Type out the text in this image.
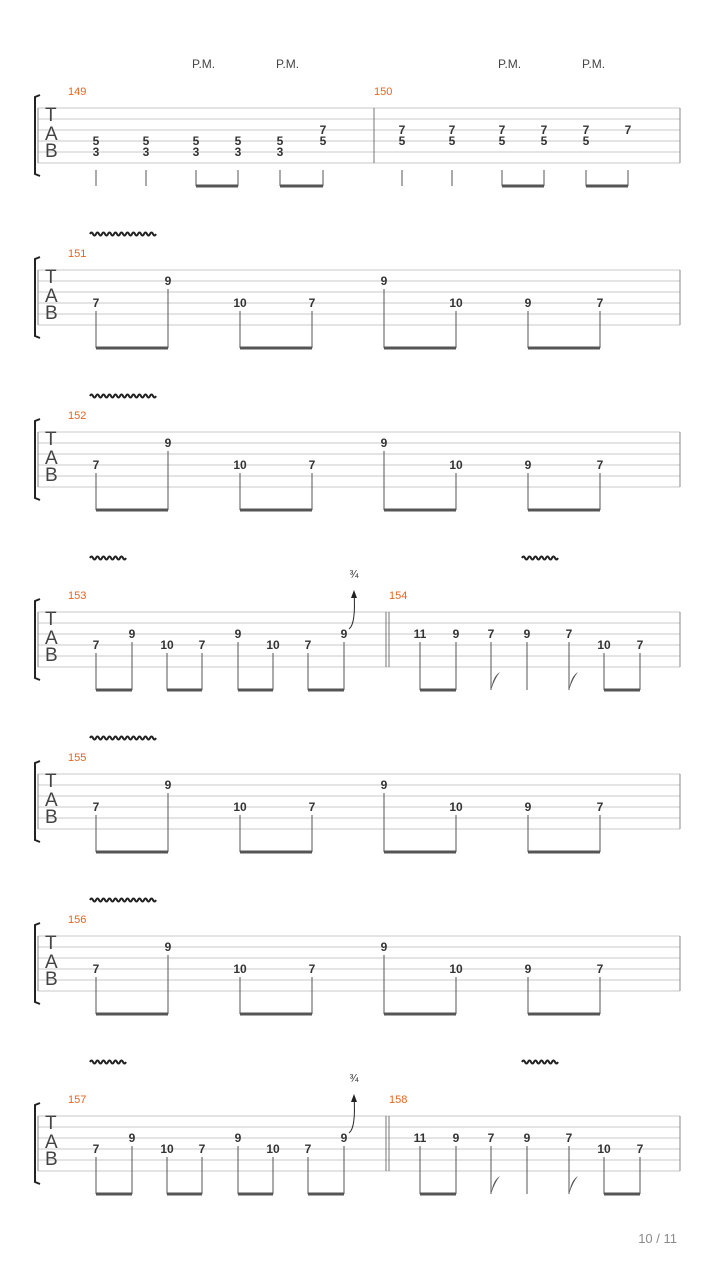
T
A
B
149	150
P.M.	P.M.	P.M.	P.M.
5
3
5
3
5
3
5
3
5
3
7
5
7
5
7
5
7
5
7
5
7
5
7
T
A
B
151
7
9
10	7
9
10	9	7
T
A
B
152
7
9
10	7
9
10	9	7
T
A
B
155
7
9
10	7
9
10	9	7
T
A
B
156
7
9
10	7
9
10	9	7
T
A
B
153	154
7
9
10 7
9
10 7
9
¾
11 9 7 9	7
10 7
T
A
B
157	158
7
9
10 7
9
10 7
9
¾
11 9 7 9	7
10 7
10 / 11
